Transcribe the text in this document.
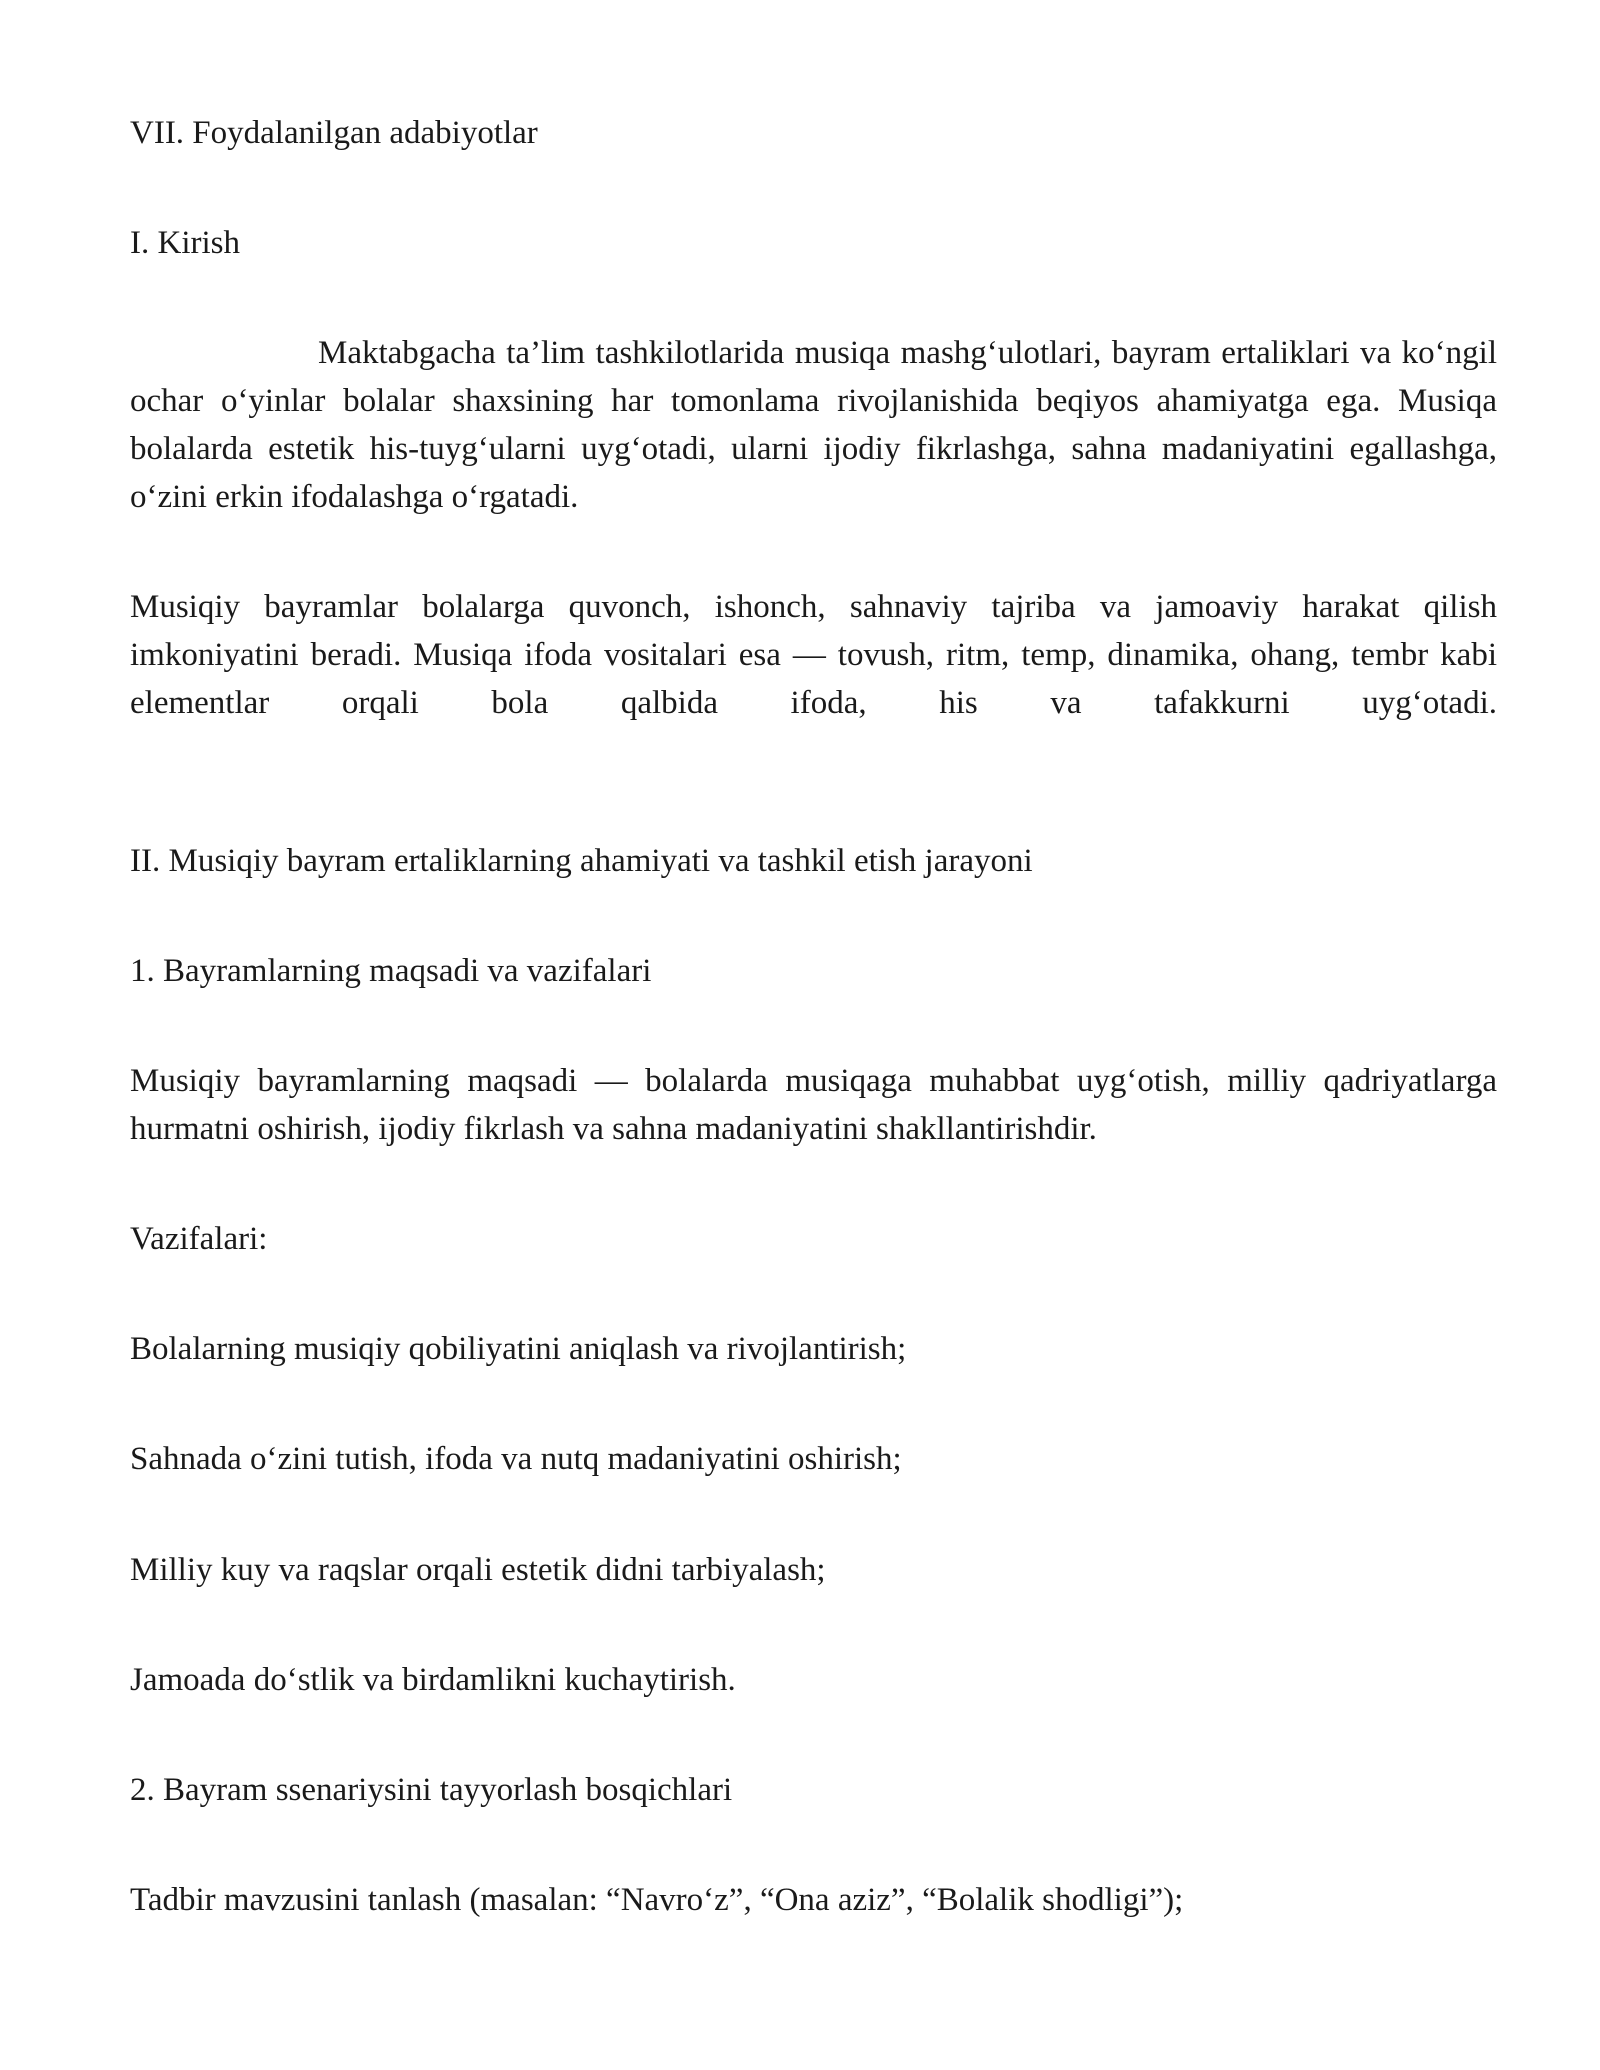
VII. Foydalanilgan adabiyotlar

I. Kirish

Maktabgacha ta’lim tashkilotlarida musiqa mashg‘ulotlari, bayram ertaliklari va ko‘ngil ochar o‘yinlar bolalar shaxsining har tomonlama rivojlanishida beqiyos ahamiyatga ega. Musiqa bolalarda estetik his-tuyg‘ularni uyg‘otadi, ularni ijodiy fikrlashga, sahna madaniyatini egallashga, o‘zini erkin ifodalashga o‘rgatadi.

Musiqiy bayramlar bolalarga quvonch, ishonch, sahnaviy tajriba va jamoaviy harakat qilish imkoniyatini beradi. Musiqa ifoda vositalari esa — tovush, ritm, temp, dinamika, ohang, tembr kabi elementlar orqali bola qalbida ifoda, his va tafakkurni uyg‘otadi.

II. Musiqiy bayram ertaliklarning ahamiyati va tashkil etish jarayoni

1. Bayramlarning maqsadi va vazifalari

Musiqiy bayramlarning maqsadi — bolalarda musiqaga muhabbat uyg‘otish, milliy qadriyatlarga hurmatni oshirish, ijodiy fikrlash va sahna madaniyatini shakllantirishdir.

Vazifalari:

Bolalarning musiqiy qobiliyatini aniqlash va rivojlantirish;

Sahnada o‘zini tutish, ifoda va nutq madaniyatini oshirish;

Milliy kuy va raqslar orqali estetik didni tarbiyalash;

Jamoada do‘stlik va birdamlikni kuchaytirish.

2. Bayram ssenariysini tayyorlash bosqichlari

Tadbir mavzusini tanlash (masalan: “Navro‘z”, “Ona aziz”, “Bolalik shodligi”);
